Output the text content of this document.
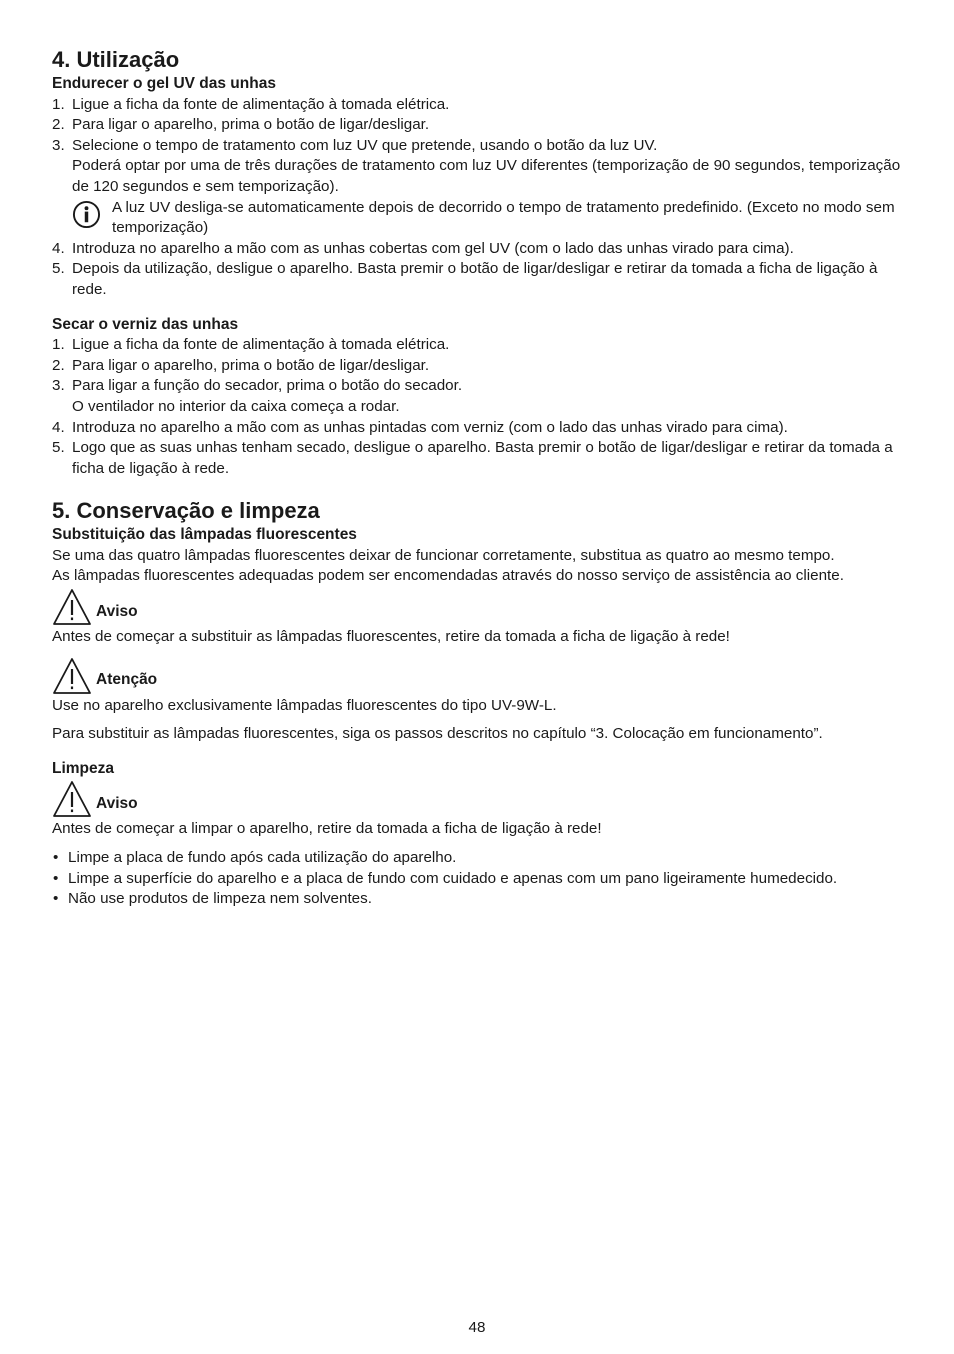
4. Utilização
Endurecer o gel UV das unhas
1. Ligue a ficha da fonte de alimentação à tomada elétrica.
2. Para ligar o aparelho, prima o botão de ligar/desligar.
3. Selecione o tempo de tratamento com luz UV que pretende, usando o botão da luz UV.

Poderá optar por uma de três durações de tratamento com luz UV diferentes (temporização de 90 segundos, temporização de 120 segundos e sem temporização).

A luz UV desliga-se automaticamente depois de decorrido o tempo de tratamento predefinido. (Exceto no modo sem temporização)
4. Introduza no aparelho a mão com as unhas cobertas com gel UV (com o lado das unhas virado para cima).
5. Depois da utilização, desligue o aparelho. Basta premir o botão de ligar/desligar e retirar da tomada a ficha de ligação à rede.
Secar o verniz das unhas
1. Ligue a ficha da fonte de alimentação à tomada elétrica.
2. Para ligar o aparelho, prima o botão de ligar/desligar.
3. Para ligar a função do secador, prima o botão do secador.

O ventilador no interior da caixa começa a rodar.

4. Introduza no aparelho a mão com as unhas pintadas com verniz (com o lado das unhas virado para cima).
5. Logo que as suas unhas tenham secado, desligue o aparelho. Basta premir o botão de ligar/desligar e retirar da tomada a ficha de ligação à rede.
5. Conservação e limpeza
Substituição das lâmpadas fluorescentes

Se uma das quatro lâmpadas fluorescentes deixar de funcionar corretamente, substitua as quatro ao mesmo tempo.

As lâmpadas fluorescentes adequadas podem ser encomendadas através do nosso serviço de assistência ao cliente.

Aviso

Antes de começar a substituir as lâmpadas fluorescentes, retire da tomada a ficha de ligação à rede!

Atenção

Use no aparelho exclusivamente lâmpadas fluorescentes do tipo UV-9W-L.

Para substituir as lâmpadas fluorescentes, siga os passos descritos no capítulo “3. Colocação em funcionamento”.

Limpeza
Aviso

Antes de começar a limpar o aparelho, retire da tomada a ficha de ligação à rede!

• Limpe a placa de fundo após cada utilização do aparelho.
• Limpe a superfície do aparelho e a placa de fundo com cuidado e apenas com um pano ligeiramente humedecido.
• Não use produtos de limpeza nem solventes.
48
